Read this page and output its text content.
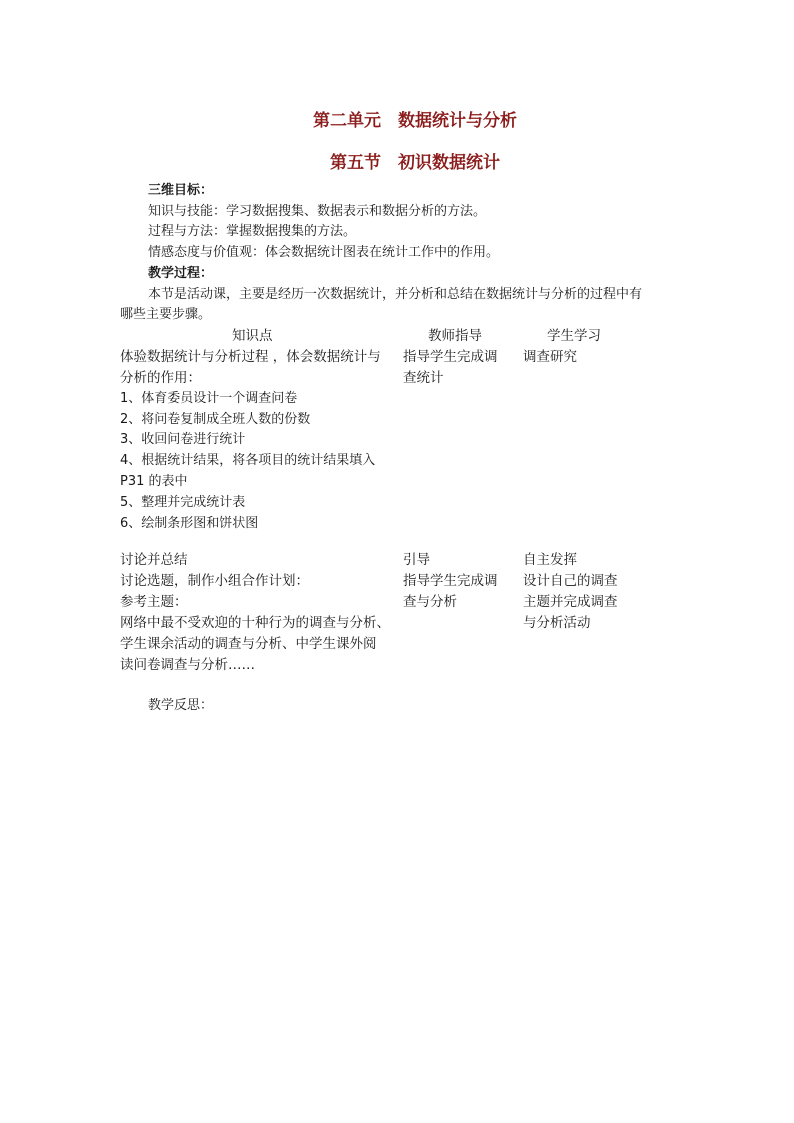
第二单元　数据统计与分析
第五节　初识数据统计
三维目标：
知识与技能：学习数据搜集、数据表示和数据分析的方法。
过程与方法：掌握数据搜集的方法。
情感态度与价值观：体会数据统计图表在统计工作中的作用。
教学过程：
本节是活动课，主要是经历一次数据统计，并分析和总结在数据统计与分析的过程中有
哪些主要步骤。
知识点	教师指导	学生学习
体验数据统计与分析过程 ，体会数据统计与
分析的作用：
1、体育委员设计一个调查问卷
2、将问卷复制成全班人数的份数
3、收回问卷进行统计
4、根据统计结果，将各项目的统计结果填入
P31 的表中
5、整理并完成统计表
6、绘制条形图和饼状图
指导学生完成调
查统计
调查研究
讨论并总结
讨论选题，制作小组合作计划：
参考主题：
网络中最不受欢迎的十种行为的调查与分析、
学生课余活动的调查与分析、中学生课外阅
读问卷调查与分析……
引导
指导学生完成调
查与分析
自主发挥
设计自己的调查
主题并完成调查
与分析活动
教学反思：
